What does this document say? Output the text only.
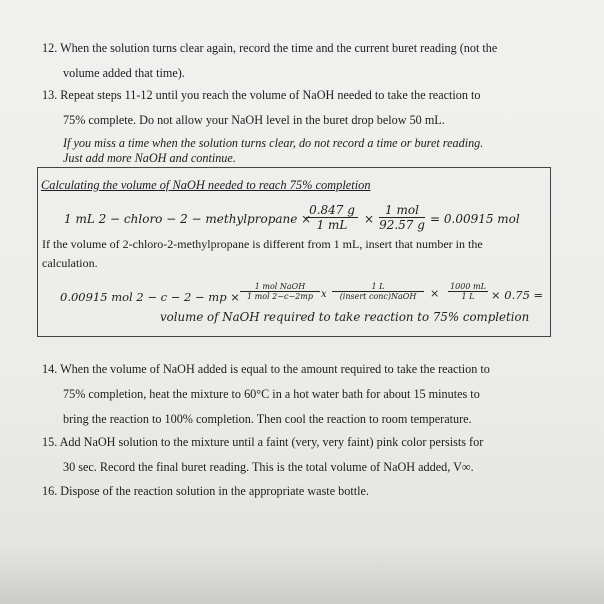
12. When the solution turns clear again, record the time and the current buret reading (not the
volume added that time).
13. Repeat steps 11-12 until you reach the volume of NaOH needed to take the reaction to
75% complete. Do not allow your NaOH level in the buret drop below 50 mL.
If you miss a time when the solution turns clear, do not record a time or buret reading.
Just add more NaOH and continue.
Calculating the volume of NaOH needed to reach 75% completion
1 mL 2 − chloro − 2 − methylpropane ×
$\frac{0.847 g}{1 mL}$ ×
1 mol
92.57 g = 0.00915 mol
If the volume of 2-chloro-2-methylpropane is different from 1 mL, insert that number in the
calculation.
0.00915 mol 2 − c − 2 − mp ×
1 mol NaOH
1 mol 2−c−2mp x
1 L
(insert conc)NaOH	× $\frac{1000 mL}{1 L} \times 0.75$ =
volume of NaOH required to take reaction to 75% completion
14. When the volume of NaOH added is equal to the amount required to take the reaction to
75% completion, heat the mixture to 60°C in a hot water bath for about 15 minutes to
bring the reaction to 100% completion. Then cool the reaction to room temperature.
15. Add NaOH solution to the mixture until a faint (very, very faint) pink color persists for
30 sec. Record the final buret reading. This is the total volume of NaOH added, V∞.
16. Dispose of the reaction solution in the appropriate waste bottle.
